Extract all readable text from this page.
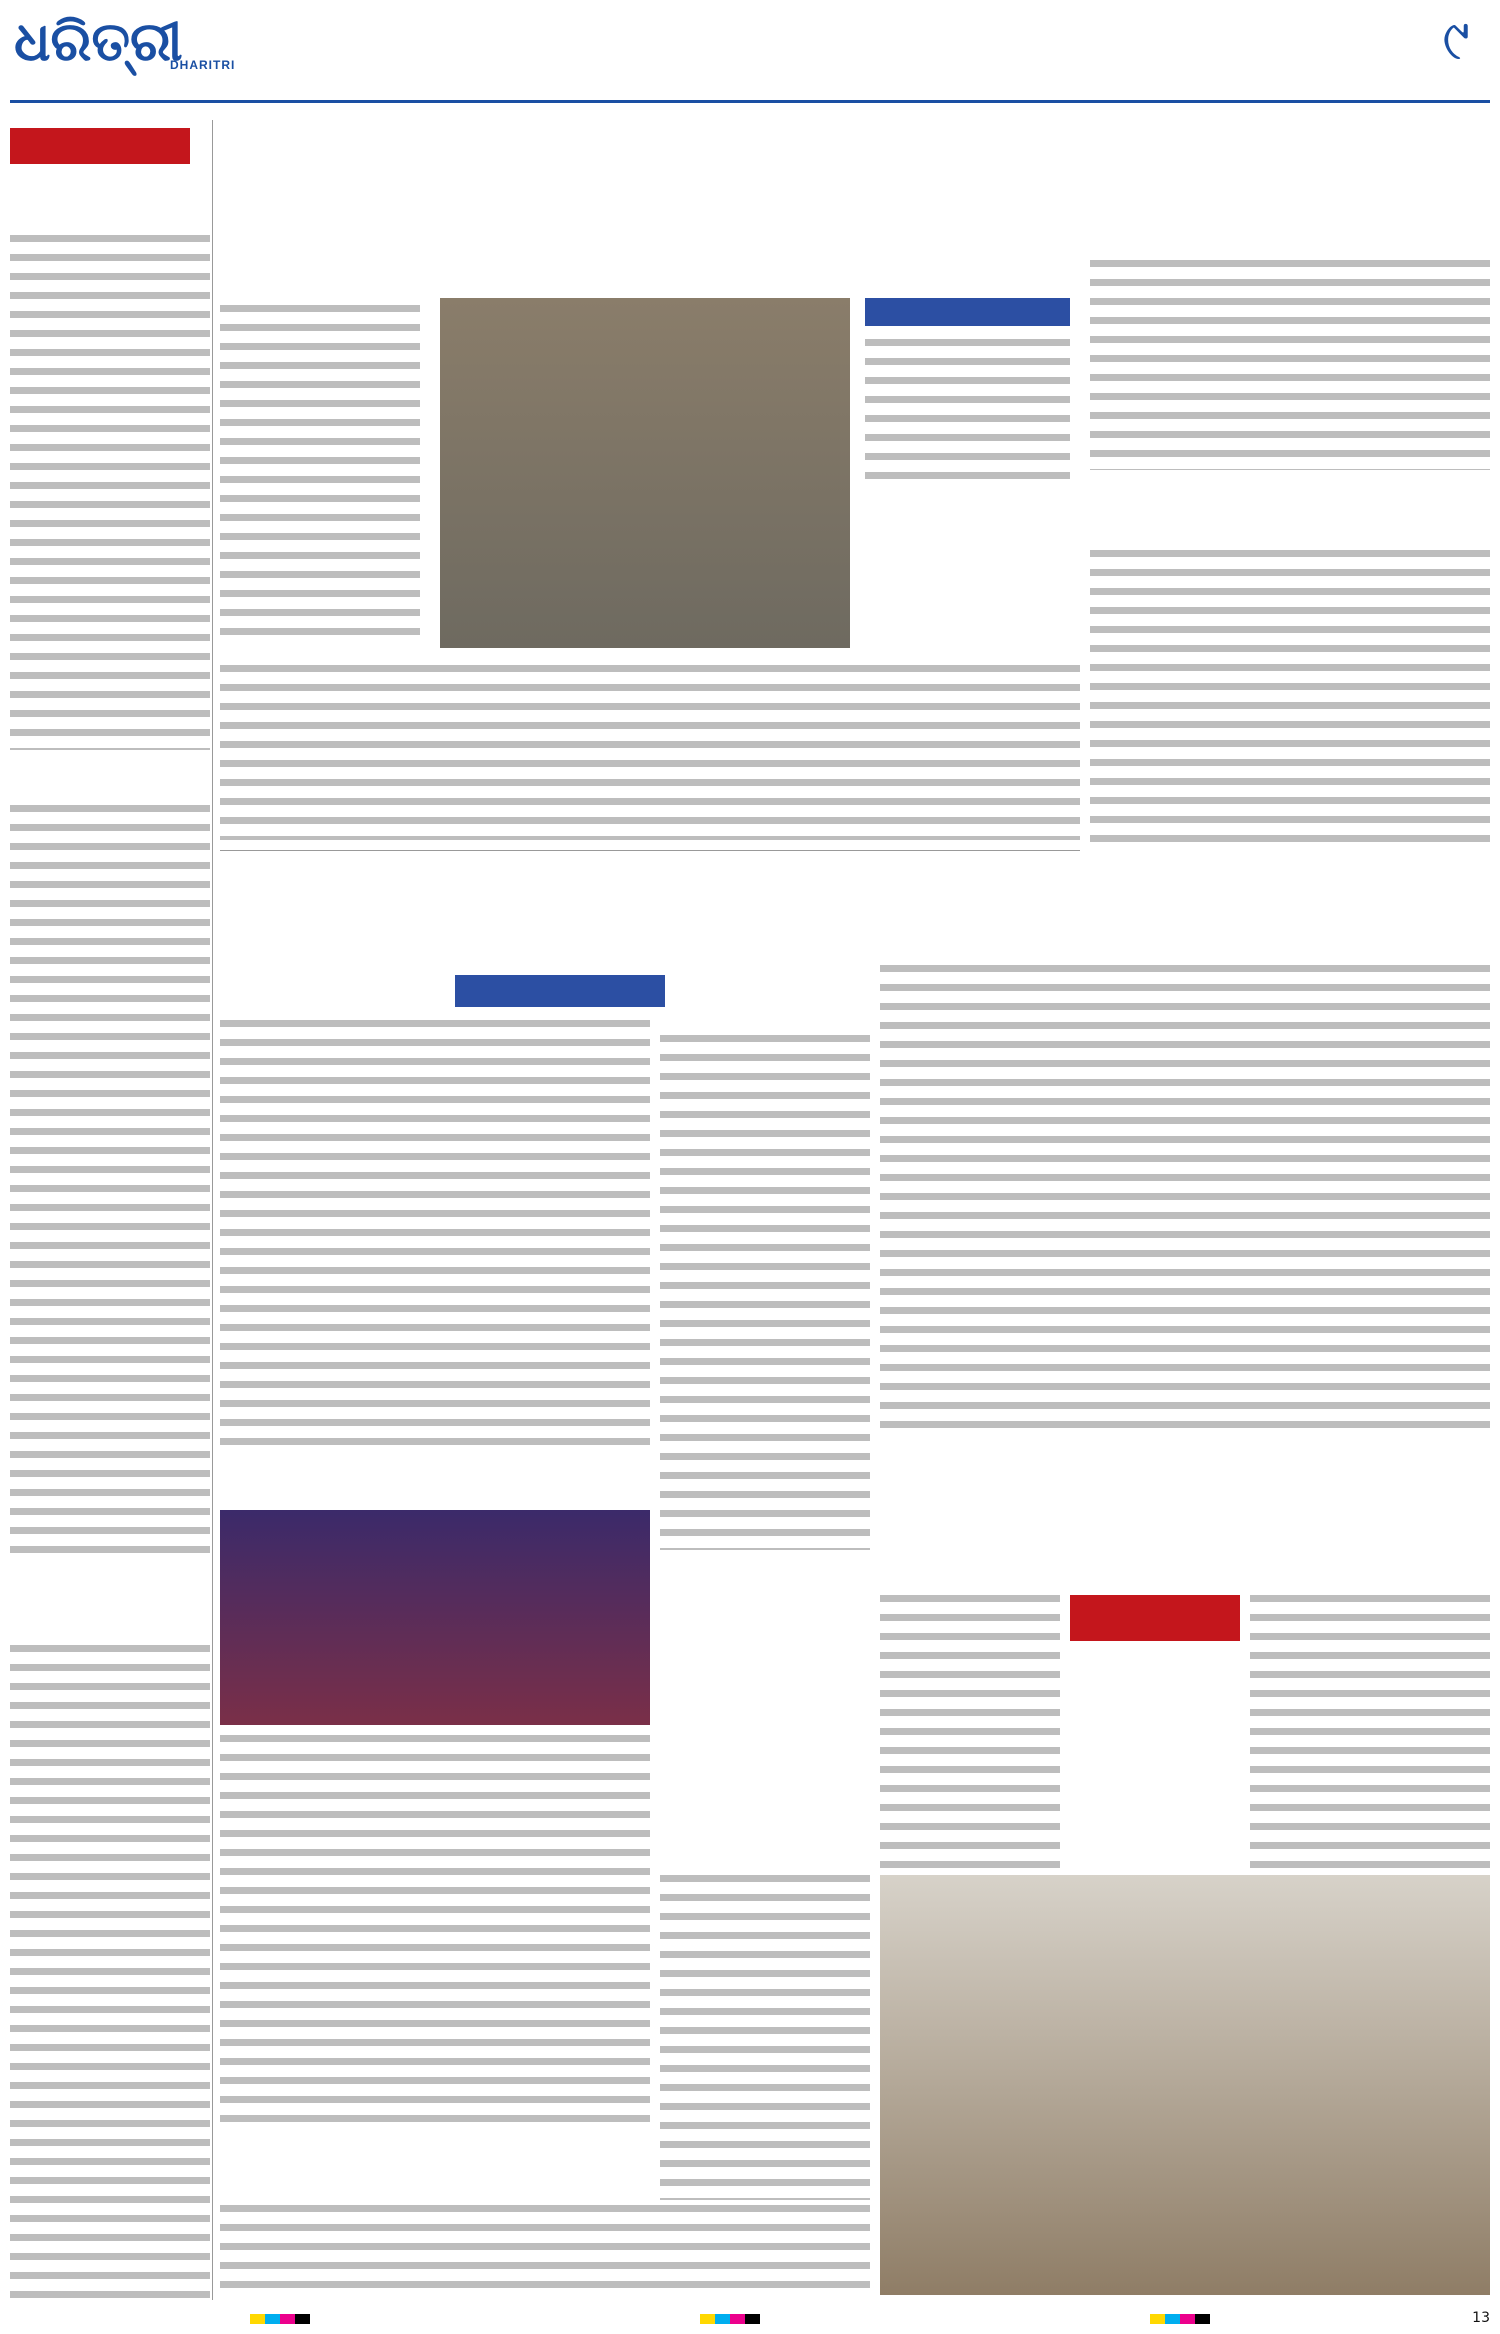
ଧରିତ୍ରୀ
DHARITRI	୯
13
